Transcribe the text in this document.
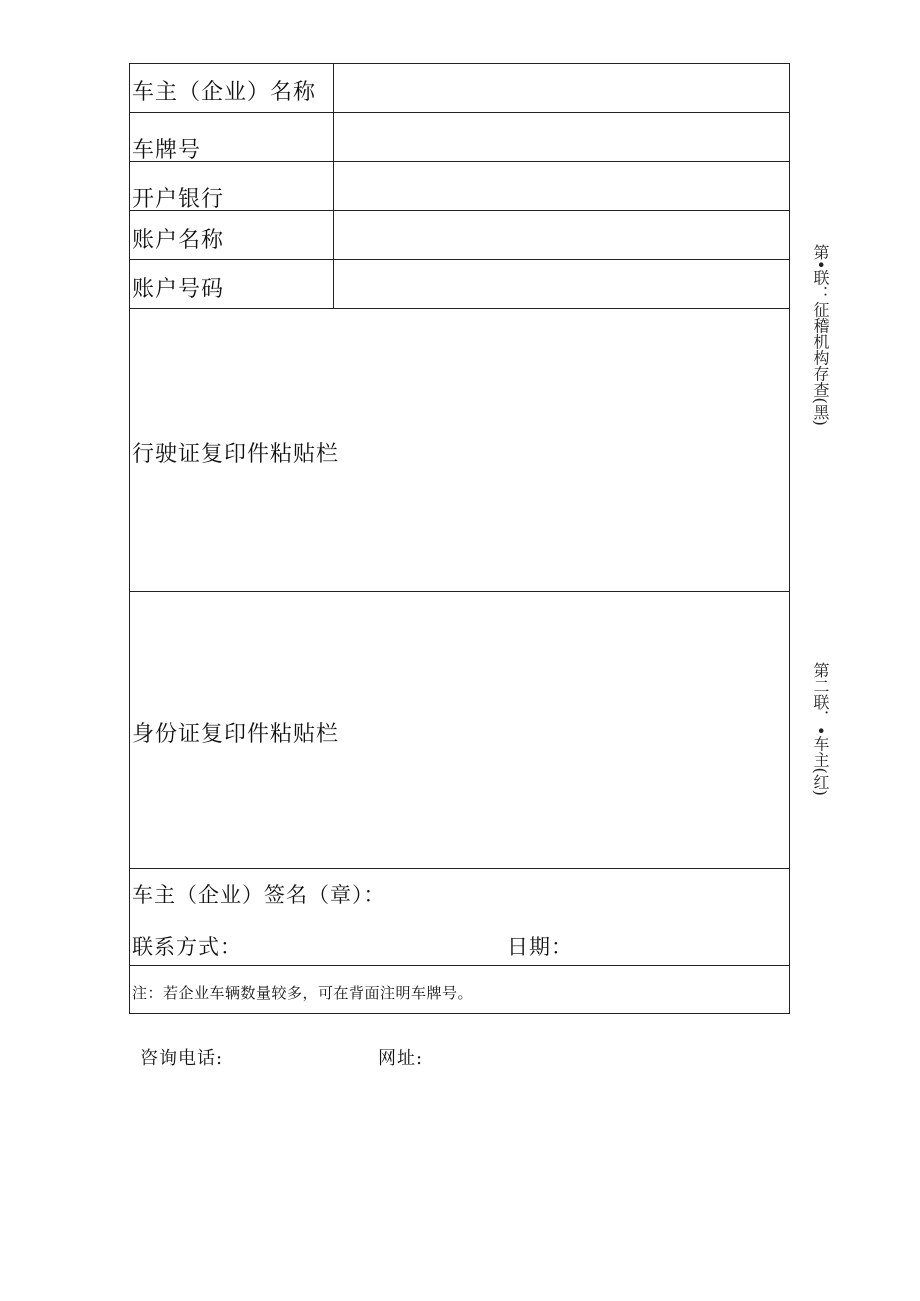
车主（企业）名称
车牌号
开户银行
账户名称
账户号码
行驶证复印件粘贴栏
身份证复印件粘贴栏
车主（企业）签名（章）：
联系方式：	日期：
注：若企业车辆数量较多，可在背面注明车牌号。
咨询电话:	网址:
第•联：征稽机构存查(黑)
第二联．•车主(红)
